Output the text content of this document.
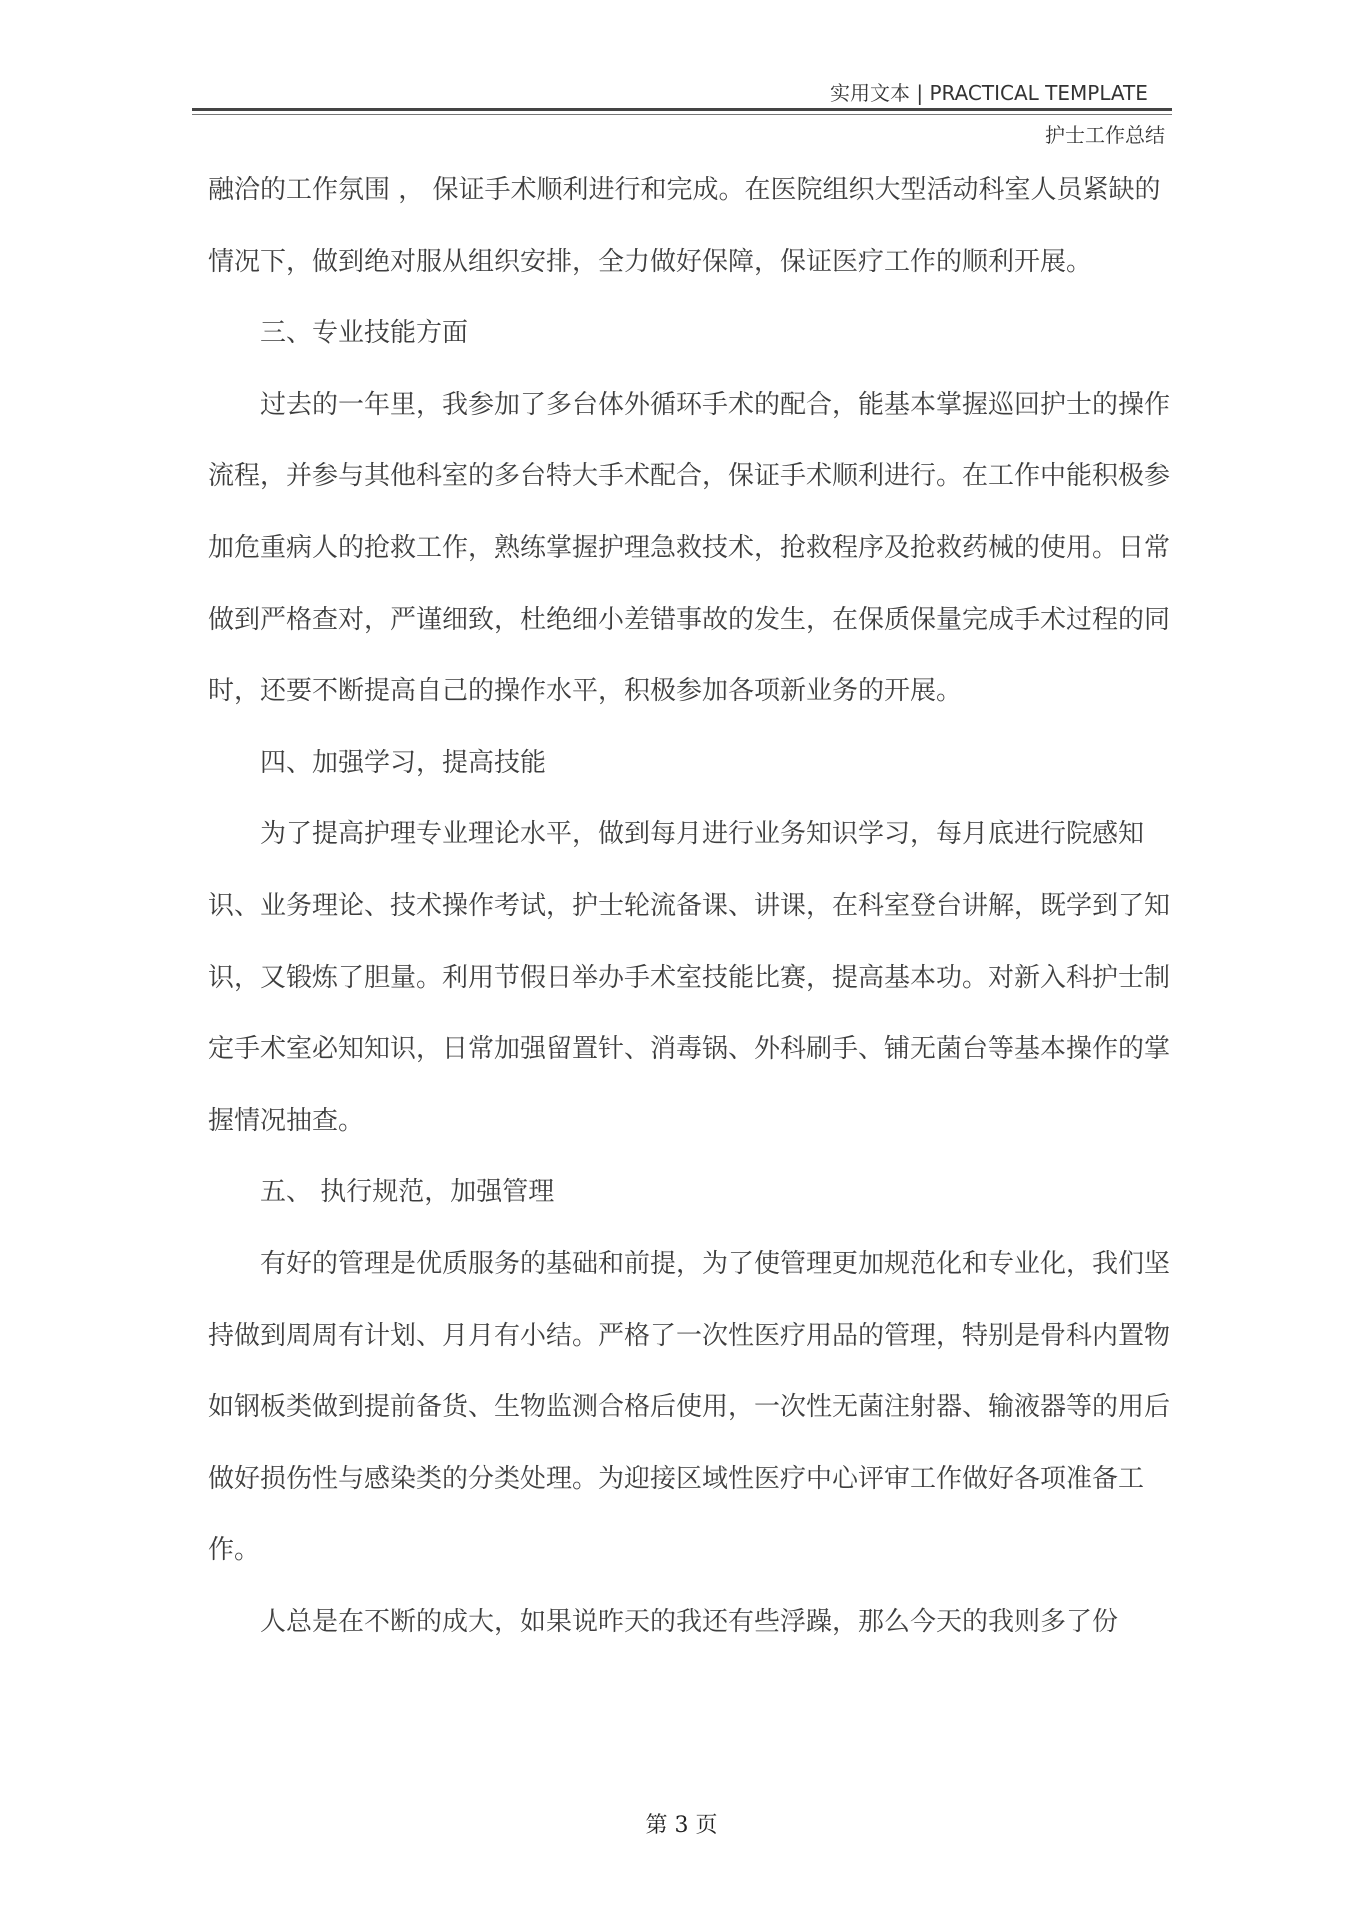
实用文本 | PRACTICAL TEMPLATE
护士工作总结

融洽的工作氛围 ， 保证手术顺利进行和完成。在医院组织大型活动科室人员紧缺的情况下，做到绝对服从组织安排，全力做好保障，保证医疗工作的顺利开展。

三、专业技能方面

过去的一年里，我参加了多台体外循环手术的配合，能基本掌握巡回护士的操作流程，并参与其他科室的多台特大手术配合，保证手术顺利进行。在工作中能积极参加危重病人的抢救工作，熟练掌握护理急救技术，抢救程序及抢救药械的使用。日常做到严格查对，严谨细致，杜绝细小差错事故的发生，在保质保量完成手术过程的同时，还要不断提高自己的操作水平，积极参加各项新业务的开展。

四、加强学习，提高技能

为了提高护理专业理论水平，做到每月进行业务知识学习，每月底进行院感知识、业务理论、技术操作考试，护士轮流备课、讲课，在科室登台讲解，既学到了知识，又锻炼了胆量。利用节假日举办手术室技能比赛，提高基本功。对新入科护士制定手术室必知知识，日常加强留置针、消毒锅、外科刷手、铺无菌台等基本操作的掌握情况抽查。

五、 执行规范，加强管理

有好的管理是优质服务的基础和前提，为了使管理更加规范化和专业化，我们坚持做到周周有计划、月月有小结。严格了一次性医疗用品的管理，特别是骨科内置物如钢板类做到提前备货、生物监测合格后使用，一次性无菌注射器、输液器等的用后做好损伤性与感染类的分类处理。为迎接区域性医疗中心评审工作做好各项准备工作。

人总是在不断的成大，如果说昨天的我还有些浮躁，那么今天的我则多了份

第 3 页
